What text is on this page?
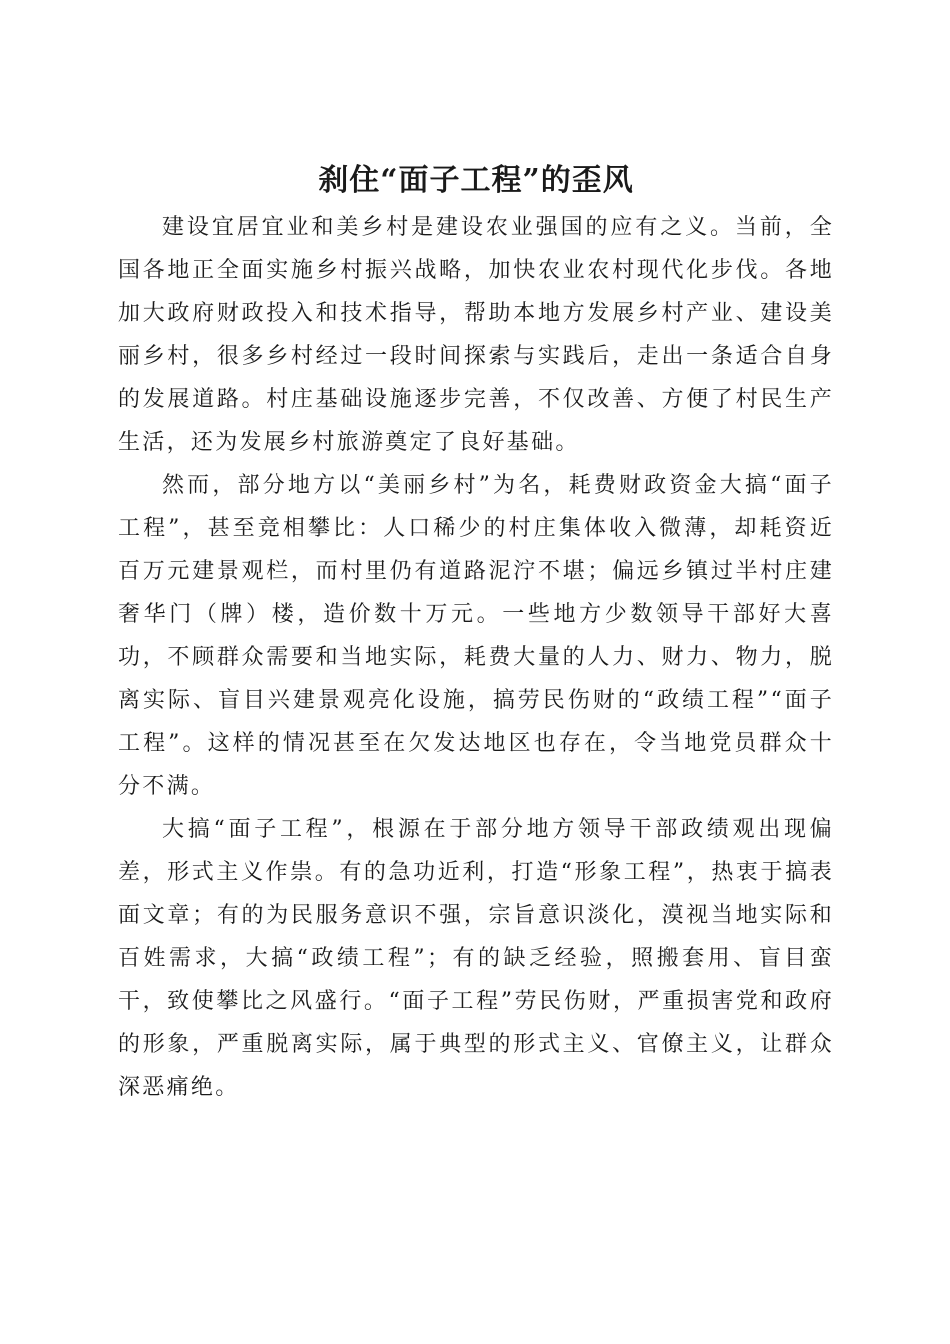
刹住“面子工程”的歪风

建设宜居宜业和美乡村是建设农业强国的应有之义。当前，全国各地正全面实施乡村振兴战略，加快农业农村现代化步伐。各地加大政府财政投入和技术指导，帮助本地方发展乡村产业、建设美丽乡村，很多乡村经过一段时间探索与实践后，走出一条适合自身的发展道路。村庄基础设施逐步完善，不仅改善、方便了村民生产生活，还为发展乡村旅游奠定了良好基础。

然而，部分地方以“美丽乡村”为名，耗费财政资金大搞“面子工程”，甚至竞相攀比：人口稀少的村庄集体收入微薄，却耗资近百万元建景观栏，而村里仍有道路泥泞不堪；偏远乡镇过半村庄建奢华门（牌）楼，造价数十万元。一些地方少数领导干部好大喜功，不顾群众需要和当地实际，耗费大量的人力、财力、物力，脱离实际、盲目兴建景观亮化设施，搞劳民伤财的“政绩工程”“面子工程”。这样的情况甚至在欠发达地区也存在，令当地党员群众十分不满。

大搞“面子工程”，根源在于部分地方领导干部政绩观出现偏差，形式主义作祟。有的急功近利，打造“形象工程”，热衷于搞表面文章；有的为民服务意识不强，宗旨意识淡化，漠视当地实际和百姓需求，大搞“政绩工程”；有的缺乏经验，照搬套用、盲目蛮干，致使攀比之风盛行。“面子工程”劳民伤财，严重损害党和政府的形象，严重脱离实际，属于典型的形式主义、官僚主义，让群众深恶痛绝。
